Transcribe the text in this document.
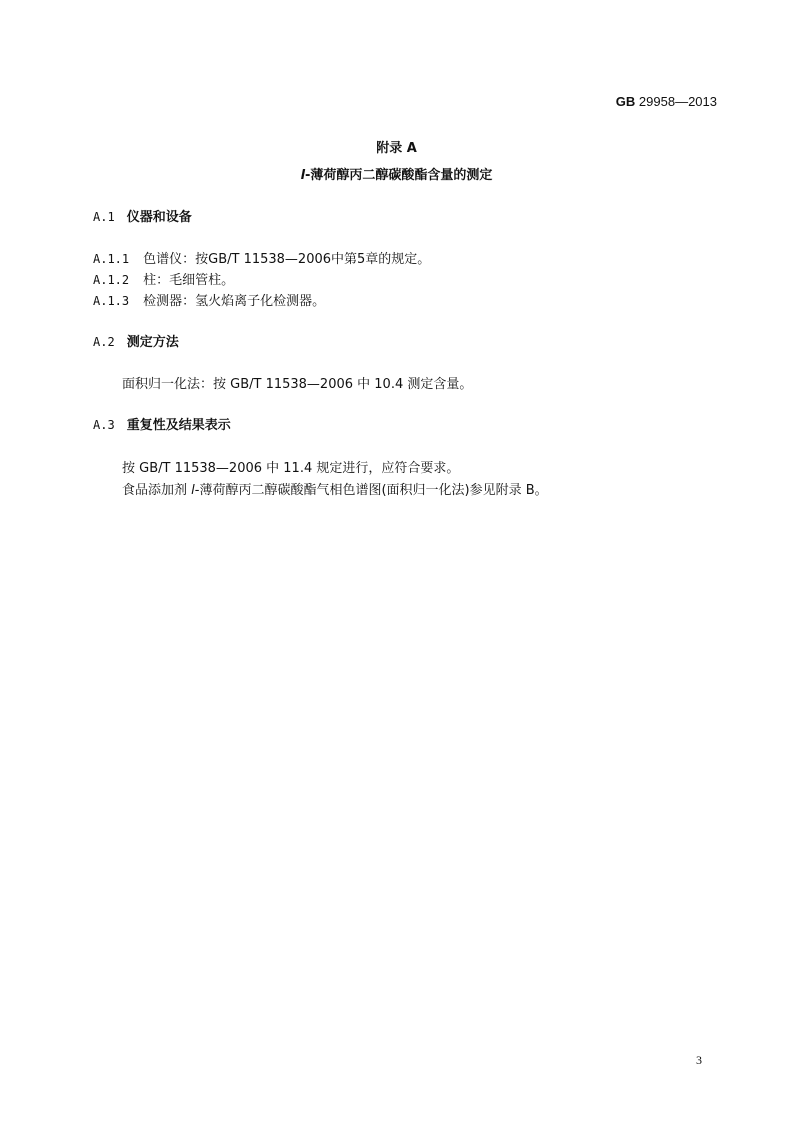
GB 29958—2013
附录 A
l-薄荷醇丙二醇碳酸酯含量的测定
A.1 仪器和设备
A.1.1 色谱仪：按GB/T 11538—2006中第5章的规定。
A.1.2 柱：毛细管柱。
A.1.3 检测器：氢火焰离子化检测器。
A.2 测定方法
面积归一化法：按 GB/T 11538—2006 中 10.4 测定含量。
A.3 重复性及结果表示
按 GB/T 11538—2006 中 11.4 规定进行，应符合要求。
食品添加剂 l-薄荷醇丙二醇碳酸酯气相色谱图(面积归一化法)参见附录 B。
3
